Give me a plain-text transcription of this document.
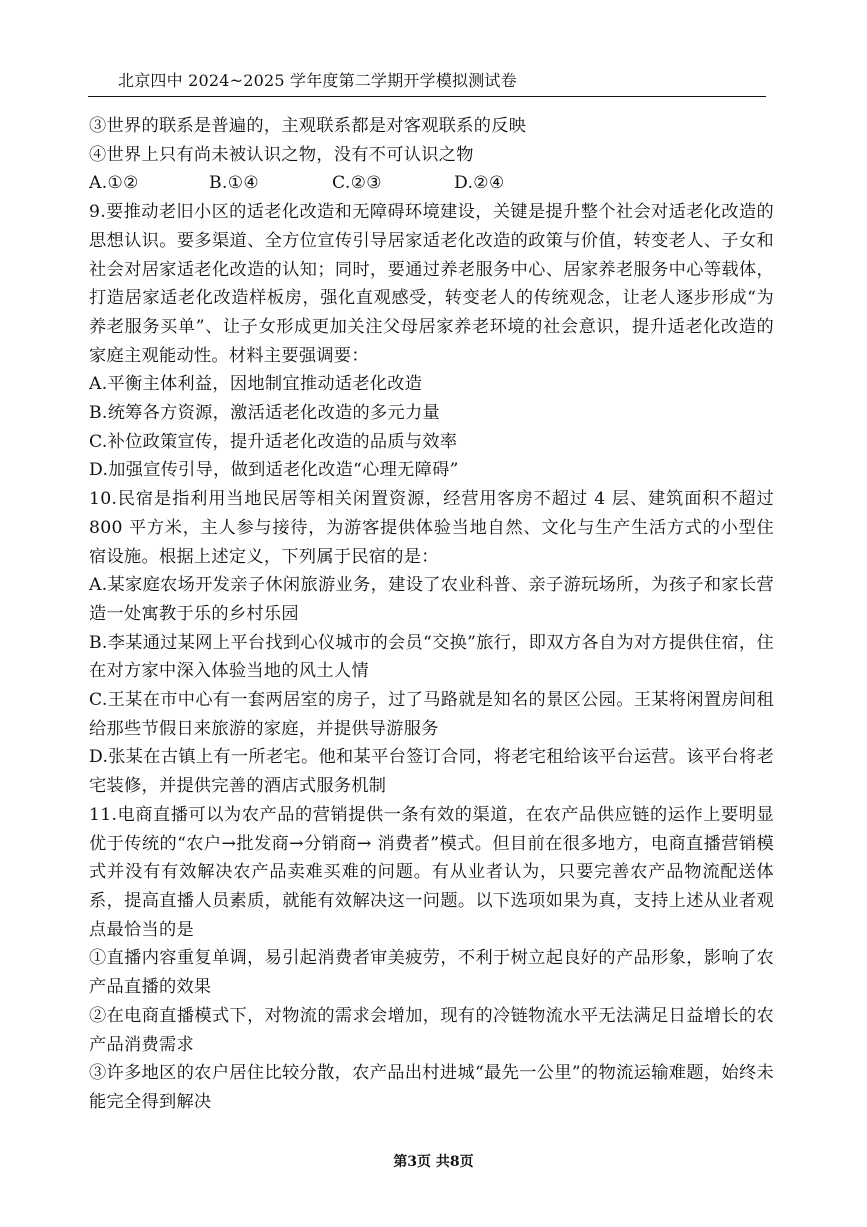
北京四中 2024~2025 学年度第二学期开学模拟测试卷
③世界的联系是普遍的，主观联系都是对客观联系的反映
④世界上只有尚未被认识之物，没有不可认识之物
A.①②	B.①④	C.②③	D.②④
9.要推动老旧小区的适老化改造和无障碍环境建设，关键是提升整个社会对适老化改造的思想认识。要多渠道、全方位宣传引导居家适老化改造的政策与价值，转变老人、子女和社会对居家适老化改造的认知；同时，要通过养老服务中心、居家养老服务中心等载体，打造居家适老化改造样板房，强化直观感受，转变老人的传统观念，让老人逐步形成“为养老服务买单”、让子女形成更加关注父母居家养老环境的社会意识，提升适老化改造的家庭主观能动性。材料主要强调要：
A.平衡主体利益，因地制宜推动适老化改造
B.统筹各方资源，激活适老化改造的多元力量
C.补位政策宣传，提升适老化改造的品质与效率
D.加强宣传引导，做到适老化改造“心理无障碍”
10.民宿是指利用当地民居等相关闲置资源，经营用客房不超过 4 层、建筑面积不超过 800 平方米，主人参与接待，为游客提供体验当地自然、文化与生产生活方式的小型住宿设施。根据上述定义，下列属于民宿的是：
A.某家庭农场开发亲子休闲旅游业务，建设了农业科普、亲子游玩场所，为孩子和家长营造一处寓教于乐的乡村乐园
B.李某通过某网上平台找到心仪城市的会员“交换”旅行，即双方各自为对方提供住宿，住在对方家中深入体验当地的风土人情
C.王某在市中心有一套两居室的房子，过了马路就是知名的景区公园。王某将闲置房间租给那些节假日来旅游的家庭，并提供导游服务
D.张某在古镇上有一所老宅。他和某平台签订合同，将老宅租给该平台运营。该平台将老宅装修，并提供完善的酒店式服务机制
11.电商直播可以为农产品的营销提供一条有效的渠道，在农产品供应链的运作上要明显优于传统的“农户→批发商→分销商→ 消费者”模式。但目前在很多地方，电商直播营销模式并没有有效解决农产品卖难买难的问题。有从业者认为，只要完善农产品物流配送体系，提高直播人员素质，就能有效解决这一问题。以下选项如果为真，支持上述从业者观点最恰当的是
①直播内容重复单调，易引起消费者审美疲劳，不利于树立起良好的产品形象，影响了农产品直播的效果
②在电商直播模式下，对物流的需求会增加，现有的冷链物流水平无法满足日益增长的农产品消费需求
③许多地区的农户居住比较分散，农产品出村进城“最先一公里”的物流运输难题，始终未能完全得到解决
第3页 共8页
